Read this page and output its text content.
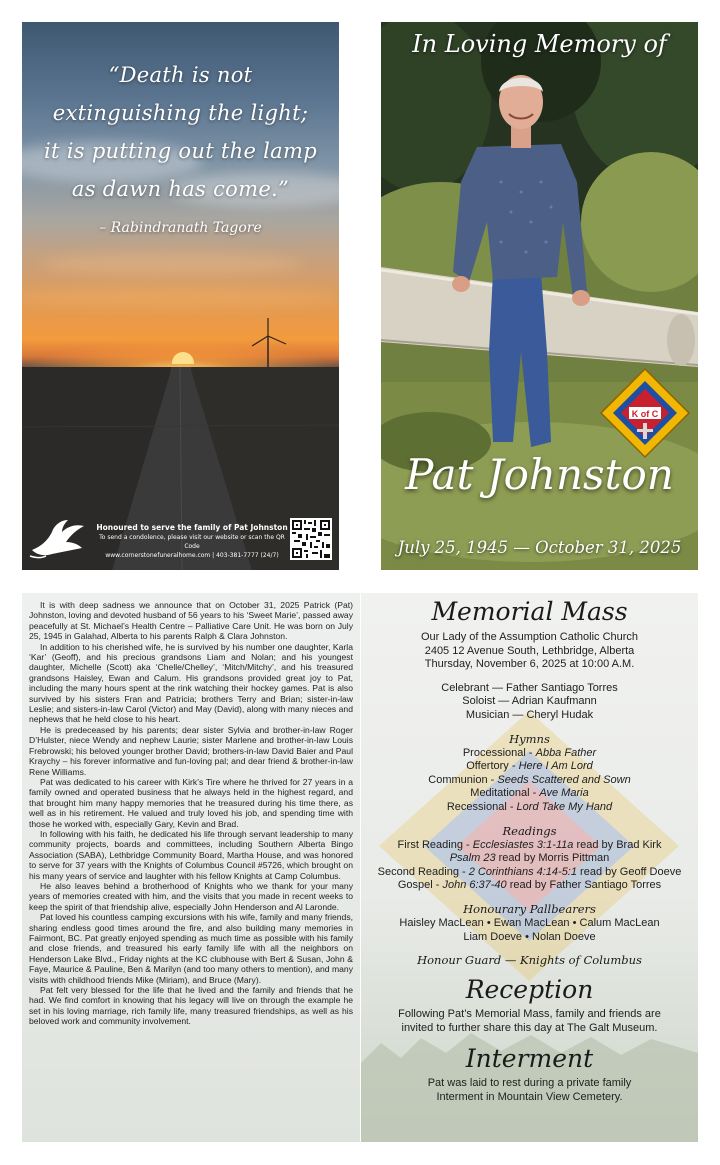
“Death is not
extinguishing the light;
it is putting out the lamp
as dawn has come.”
– Rabindranath Tagore
Honoured to serve the family of Pat Johnston
To send a condolence, please visit our website or scan the QR Code
www.cornerstonefuneralhome.com | 403-381-7777 (24/7)
K of C
In Loving Memory of
Pat Johnston
July 25, 1945 — October 31, 2025

It is with deep sadness we announce that on October 31, 2025 Patrick (Pat) Johnston, loving and devoted husband of 56 years to his ‘Sweet Marie’, passed away peacefully at St. Michael’s Health Centre – Palliative Care Unit. He was born on July 25, 1945 in Galahad, Alberta to his parents Ralph & Clara Johnston.

In addition to his cherished wife, he is survived by his number one daughter, Karla ‘Kar’ (Geoff), and his precious grandsons Liam and Nolan; and his youngest daughter, Michelle (Scott) aka ‘Chelle/Chelley’, ‘Mitch/Mitchy’, and his treasured grandsons Haisley, Ewan and Calum. His grandsons provided great joy to Pat, including the many hours spent at the rink watching their hockey games. Pat is also survived by his sisters Fran and Patricia; brothers Terry and Brian; sister-in-law Leslie; and sisters-in-law Carol (Victor) and May (David), along with many nieces and nephews that he held close to his heart.

He is predeceased by his parents; dear sister Sylvia and brother-in-law Roger D’Hulster, niece Wendy and nephew Laurie; sister Marlene and brother-in-law Louis Frebrowski; his beloved younger brother David; brothers-in-law David Baier and Paul Kraychy – his forever informative and fun-loving pal; and dear friend & brother-in-law Rene Williams.

Pat was dedicated to his career with Kirk’s Tire where he thrived for 27 years in a family owned and operated business that he always held in the highest regard, and that brought him many happy memories that he treasured during his time there, as well as in his retirement. He valued and truly loved his job, and spending time with those he worked with, especially Gary, Kevin and Brad.

In following with his faith, he dedicated his life through servant leadership to many community projects, boards and committees, including Southern Alberta Bingo Association (SABA), Lethbridge Community Board, Martha House, and was honored to serve for 37 years with the Knights of Columbus Council #5726, which brought on his many years of service and laughter with his fellow Knights at Camp Columbus.

He also leaves behind a brotherhood of Knights who we thank for your many years of memories created with him, and the visits that you made in recent weeks to keep the spirit of that friendship alive, especially John Henderson and Al Laronde.

Pat loved his countless camping excursions with his wife, family and many friends, sharing endless good times around the fire, and also building many memories in Fairmont, BC. Pat greatly enjoyed spending as much time as possible with his family and close friends, and treasured his early family life with all the neighbors on Henderson Lake Blvd., Friday nights at the KC clubhouse with Bert & Susan, John & Faye, Maurice & Pauline, Ben & Marilyn (and too many others to mention), and many visits with childhood friends Mike (Miriam), and Bruce (Mary).

Pat felt very blessed for the life that he lived and the family and friends that he had. We find comfort in knowing that his legacy will live on through the example he set in his loving marriage, rich family life, many treasured friendships, as well as his beloved work and community involvement.

Memorial Mass
Our Lady of the Assumption Catholic Church
2405 12 Avenue South, Lethbridge, Alberta
Thursday, November 6, 2025 at 10:00 A.M.
Celebrant — Father Santiago Torres
Soloist — Adrian Kaufmann
Musician — Cheryl Hudak
Hymns
Processional - Abba Father
Offertory - Here I Am Lord
Communion - Seeds Scattered and Sown
Meditational - Ave Maria
Recessional - Lord Take My Hand
Readings
First Reading - Ecclesiastes 3:1-11a read by Brad Kirk
Psalm 23 read by Morris Pittman
Second Reading - 2 Corinthians 4:14-5:1 read by Geoff Doeve
Gospel - John 6:37-40 read by Father Santiago Torres
Honourary Pallbearers
Haisley MacLean • Ewan MacLean • Calum MacLean
Liam Doeve • Nolan Doeve
Honour Guard — Knights of Columbus
Reception
Following Pat’s Memorial Mass, family and friends are
invited to further share this day at The Galt Museum.
Interment
Pat was laid to rest during a private family
Interment in Mountain View Cemetery.
